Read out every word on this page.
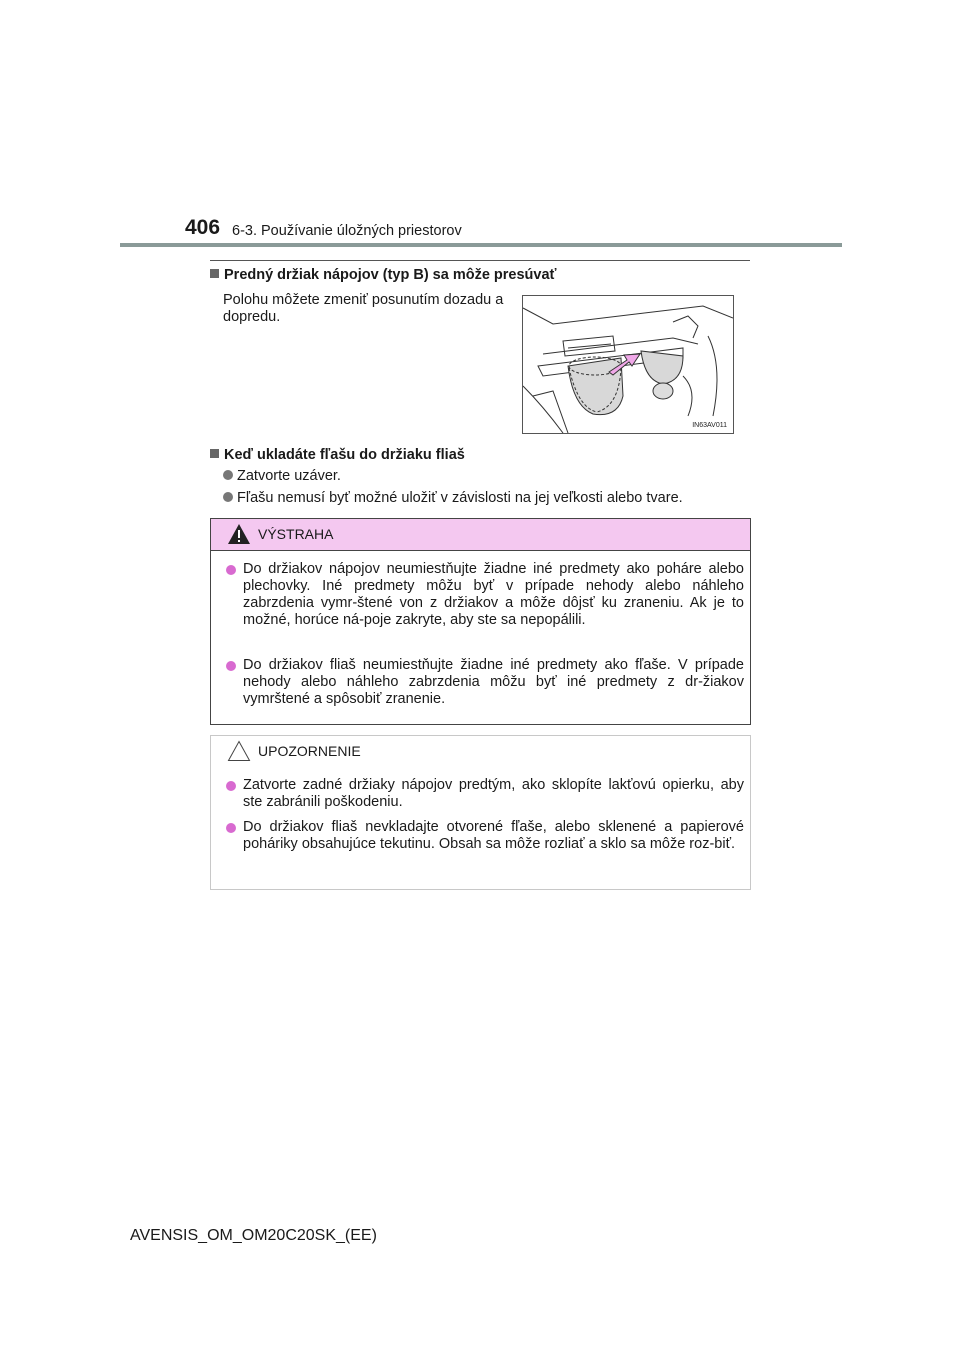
406 6-3. Používanie úložných priestorov
Predný držiak nápojov (typ B) sa môže presúvať
Polohu môžete zmeniť posunutím dozadu a dopredu.
IN63AV011
Keď ukladáte fľašu do držiaku fliaš
Zatvorte uzáver.
Fľašu nemusí byť možné uložiť v závislosti na jej veľkosti alebo tvare.
VÝSTRAHA
Do držiakov nápojov neumiestňujte žiadne iné predmety ako poháre alebo plechovky. Iné predmety môžu byť v prípade nehody alebo náhleho zabrzdenia vymr-štené von z držiakov a môže dôjsť ku zraneniu. Ak je to možné, horúce ná-poje zakryte, aby ste sa nepopálili.
Do držiakov fliaš neumiestňujte žiadne iné predmety ako fľaše. V prípade nehody alebo náhleho zabrzdenia môžu byť iné predmety z dr-žiakov vymrštené a spôsobiť zranenie.
UPOZORNENIE
Zatvorte zadné držiaky nápojov predtým, ako sklopíte lakťovú opierku, aby ste zabránili poškodeniu.
Do držiakov fliaš nevkladajte otvorené fľaše, alebo sklenené a papierové poháriky obsahujúce tekutinu. Obsah sa môže rozliať a sklo sa môže roz-biť.
AVENSIS_OM_OM20C20SK_(EE)
